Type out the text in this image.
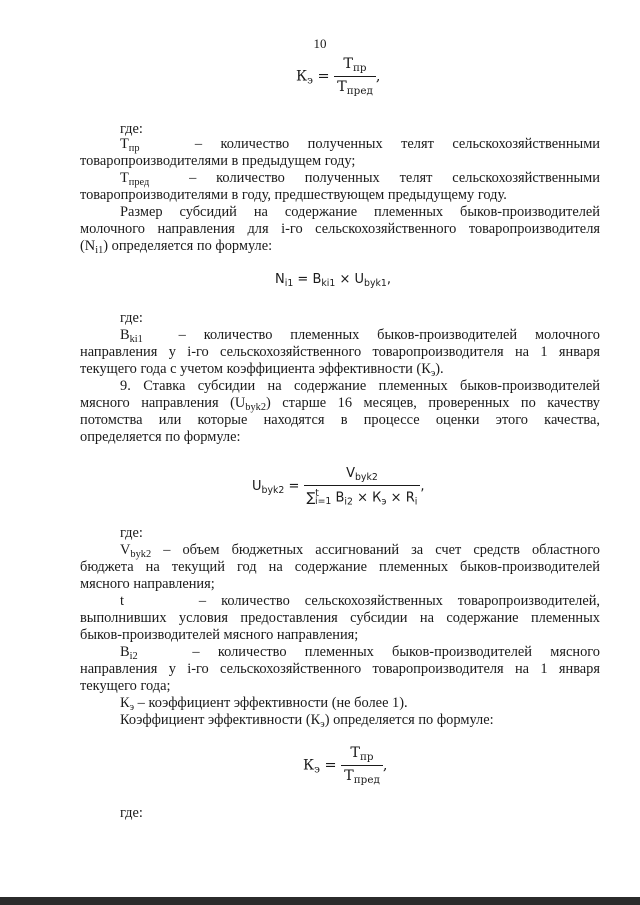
10
$К_э = \frac{Т_{пр}}{Т_{пред}}$ ,
где:
$Т_{пр}$	– количество полученных телят сельскохозяйственными
товаропроизводителями в предыдущем году;
$Т_{пред}$	– количество полученных телят сельскохозяйственными
товаропроизводителями в году, предшествующем предыдущему году.
Размер субсидий на содержание племенных быков-производителей
молочного направления для i-го сельскохозяйственного товаропроизводителя
$(N_{i1})$ определяется по формуле:
$N_{i1} = B_{ki1} \times U_{byk1}$,
где:
$В_{ki1}$ – количество племенных быков-производителей молочного
направления у i-го сельскохозяйственного товаропроизводителя на 1 января
текущего года с учетом коэффициента эффективности $(К_э)$.
9. Ставка субсидии на содержание племенных быков-производителей
мясного направления $(U_{byk2})$ старше 16 месяцев, проверенных по качеству
потомства или которые находятся в процессе оценки этого качества,
определяется по формуле:
$U_{byk2} = \frac{V_{byk2}}{\sum^t_{i=1} B_{i2} \times К_э \times R_i}$ ,
где:
$V_{byk2}$ – объем бюджетных ассигнований за счет средств областного
бюджета на текущий год на содержание племенных быков-производителей
мясного направления;
t	– количество сельскохозяйственных товаропроизводителей,
выполнивших условия предоставления субсидии на содержание племенных
быков-производителей мясного направления;
$B_{i2}$	– количество племенных быков-производителей мясного
направления у i-го сельскохозяйственного товаропроизводителя на 1 января
текущего года;
$К_э$ – коэффициент эффективности (не более 1).
Коэффициент эффективности $(К_э)$ определяется по формуле:
$К_э = \frac{Т_{пр}}{Т_{пред}}$ ,
где:
